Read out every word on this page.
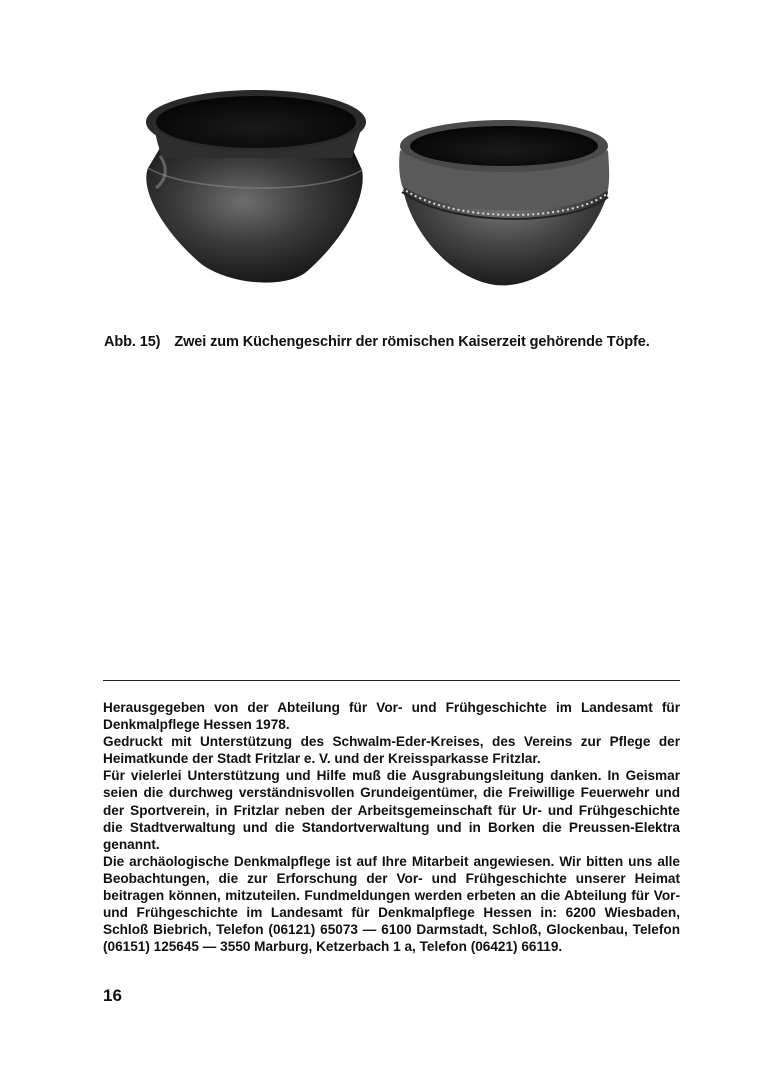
Abb. 15) Zwei zum Küchengeschirr der römischen Kaiserzeit gehörende Töpfe.

Herausgegeben von der Abteilung für Vor- und Frühgeschichte im Landesamt für Denkmalpflege Hessen 1978.

Gedruckt mit Unterstützung des Schwalm-Eder-Kreises, des Vereins zur Pflege der Heimatkunde der Stadt Fritzlar e. V. und der Kreissparkasse Fritzlar.

Für vielerlei Unterstützung und Hilfe muß die Ausgrabungsleitung danken. In Geismar seien die durchweg verständnisvollen Grundeigentümer, die Freiwillige Feuerwehr und der Sportverein, in Fritzlar neben der Arbeitsgemeinschaft für Ur- und Frühgeschichte die Stadtverwaltung und die Standortverwaltung und in Borken die Preussen-Elektra genannt.

Die archäologische Denkmalpflege ist auf Ihre Mitarbeit angewiesen. Wir bitten uns alle Beobachtungen, die zur Erforschung der Vor- und Frühgeschichte unserer Heimat beitragen können, mitzuteilen. Fundmeldungen werden erbeten an die Abteilung für Vor- und Frühgeschichte im Landesamt für Denkmalpflege Hessen in: 6200 Wiesbaden, Schloß Biebrich, Telefon (06121) 65073 — 6100 Darmstadt, Schloß, Glockenbau, Telefon (06151) 125645 — 3550 Marburg, Ketzerbach 1 a, Telefon (06421) 66119.

16
